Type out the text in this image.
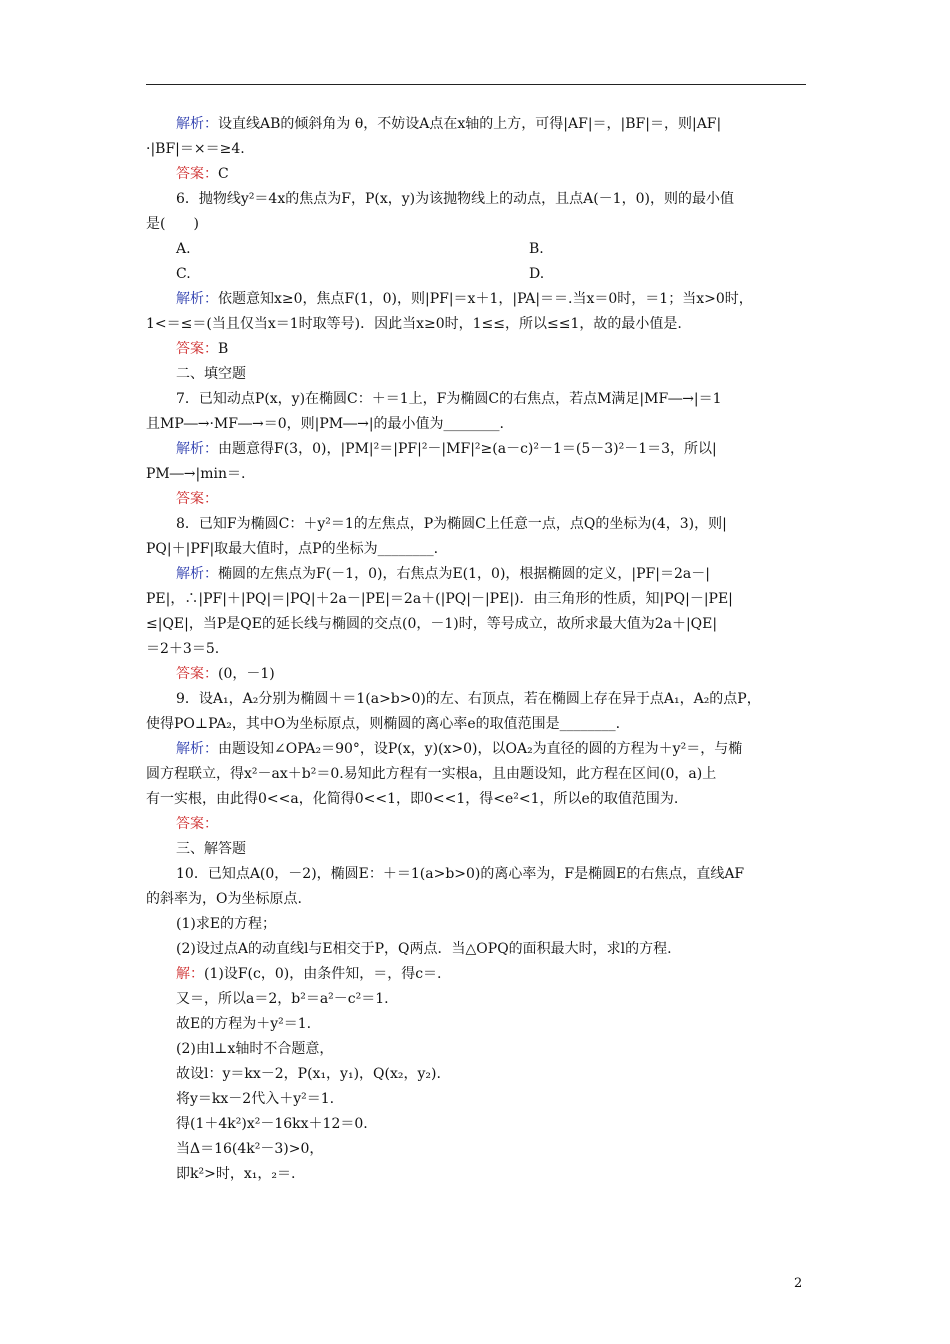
解析：设直线AB的倾斜角为 θ，不妨设A点在x轴的上方，可得|AF|＝，|BF|＝，则|AF|
·|BF|＝×＝≥4.
答案：C
6．抛物线y²＝4x的焦点为F，P(x，y)为该抛物线上的动点，且点A(－1，0)，则的最小值
是(　　)
A.	B.
C.	D.
解析：依题意知x≥0，焦点F(1，0)，则|PF|＝x＋1，|PA|＝＝.当x＝0时，＝1；当x>0时，
1<＝≤＝(当且仅当x＝1时取等号)．因此当x≥0时，1≤≤，所以≤≤1，故的最小值是.
答案：B
二、填空题
7．已知动点P(x，y)在椭圆C：＋＝1上，F为椭圆C的右焦点，若点M满足|MF―→|＝1
且MP―→·MF―→＝0，则|PM―→|的最小值为________.
解析：由题意得F(3，0)，|PM|²＝|PF|²－|MF|²≥(a－c)²－1＝(5－3)²－1＝3，所以|
PM―→|min＝.
答案：
8．已知F为椭圆C：＋y²＝1的左焦点，P为椭圆C上任意一点，点Q的坐标为(4，3)，则|
PQ|＋|PF|取最大值时，点P的坐标为________.
解析：椭圆的左焦点为F(－1，0)，右焦点为E(1，0)，根据椭圆的定义，|PF|＝2a－|
PE|，∴|PF|＋|PQ|＝|PQ|＋2a－|PE|＝2a＋(|PQ|－|PE|)．由三角形的性质，知|PQ|－|PE|
≤|QE|，当P是QE的延长线与椭圆的交点(0，－1)时，等号成立，故所求最大值为2a＋|QE|
＝2＋3＝5.
答案：(0，－1)
9．设A₁，A₂分别为椭圆＋＝1(a>b>0)的左、右顶点，若在椭圆上存在异于点A₁，A₂的点P，
使得PO⊥PA₂，其中O为坐标原点，则椭圆的离心率e的取值范围是________.
解析：由题设知∠OPA₂＝90°，设P(x，y)(x>0)，以OA₂为直径的圆的方程为＋y²＝，与椭
圆方程联立，得x²－ax＋b²＝0.易知此方程有一实根a，且由题设知，此方程在区间(0，a)上
有一实根，由此得0<<a，化简得0<<1，即0<<1，得<e²<1，所以e的取值范围为.
答案：
三、解答题
10．已知点A(0，－2)，椭圆E：＋＝1(a>b>0)的离心率为，F是椭圆E的右焦点，直线AF
的斜率为，O为坐标原点.
(1)求E的方程；
(2)设过点A的动直线l与E相交于P，Q两点．当△OPQ的面积最大时，求l的方程.
解：(1)设F(c，0)，由条件知，＝，得c＝.
又＝，所以a＝2，b²＝a²－c²＝1.
故E的方程为＋y²＝1.
(2)由l⊥x轴时不合题意，
故设l：y＝kx－2，P(x₁，y₁)，Q(x₂，y₂).
将y＝kx－2代入＋y²＝1.
得(1＋4k²)x²－16kx＋12＝0.
当Δ＝16(4k²－3)>0，
即k²>时，x₁，₂＝.
2
